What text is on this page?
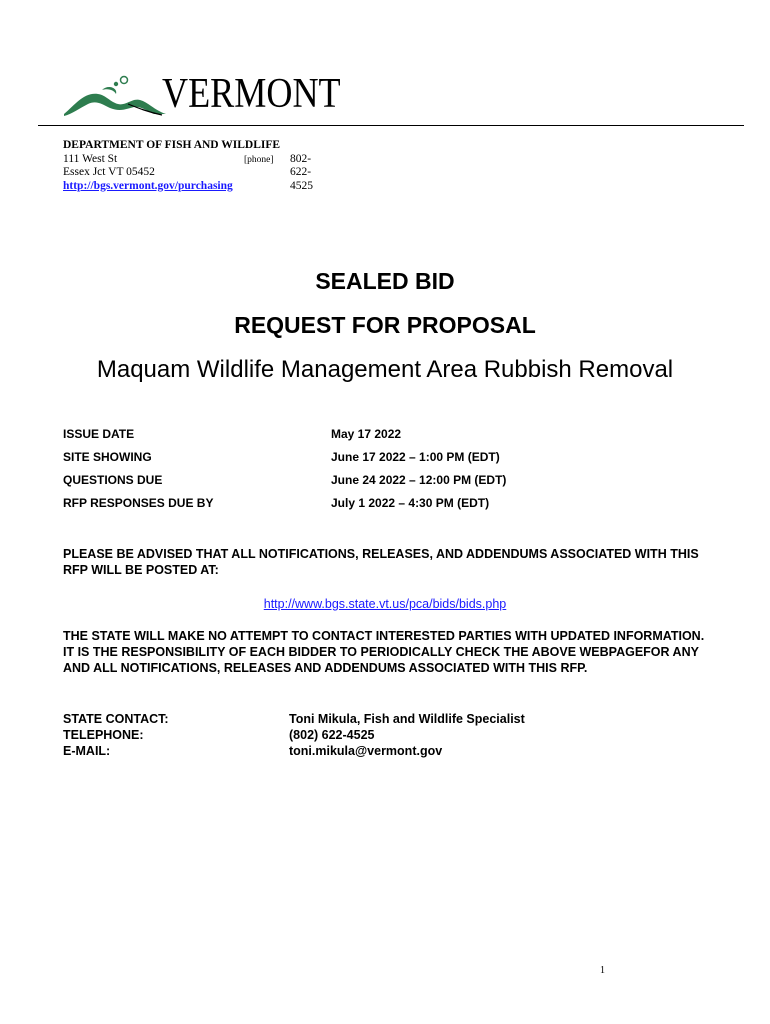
VERMONT
DEPARTMENT OF FISH AND WILDLIFE
111 West St	[phone] 802-622-4525
Essex Jct VT 05452
http://bgs.vermont.gov/purchasing
SEALED BID
REQUEST FOR PROPOSAL
Maquam Wildlife Management Area Rubbish Removal
ISSUE DATE	May 17 2022
SITE SHOWING	June 17 2022 – 1:00 PM (EDT)
QUESTIONS DUE	June 24 2022 – 12:00 PM (EDT)
RFP RESPONSES DUE BY	July 1 2022 – 4:30 PM (EDT)
PLEASE BE ADVISED THAT ALL NOTIFICATIONS, RELEASES, AND ADDENDUMS ASSOCIATED WITH THIS RFP WILL BE POSTED AT:
http://www.bgs.state.vt.us/pca/bids/bids.php
THE STATE WILL MAKE NO ATTEMPT TO CONTACT INTERESTED PARTIES WITH UPDATED INFORMATION. IT IS THE RESPONSIBILITY OF EACH BIDDER TO PERIODICALLY CHECK THE ABOVE WEBPAGEFOR ANY AND ALL NOTIFICATIONS, RELEASES AND ADDENDUMS ASSOCIATED WITH THIS RFP.
STATE CONTACT:	Toni Mikula, Fish and Wildlife Specialist
TELEPHONE:	(802) 622-4525
E-MAIL:	toni.mikula@vermont.gov
1
